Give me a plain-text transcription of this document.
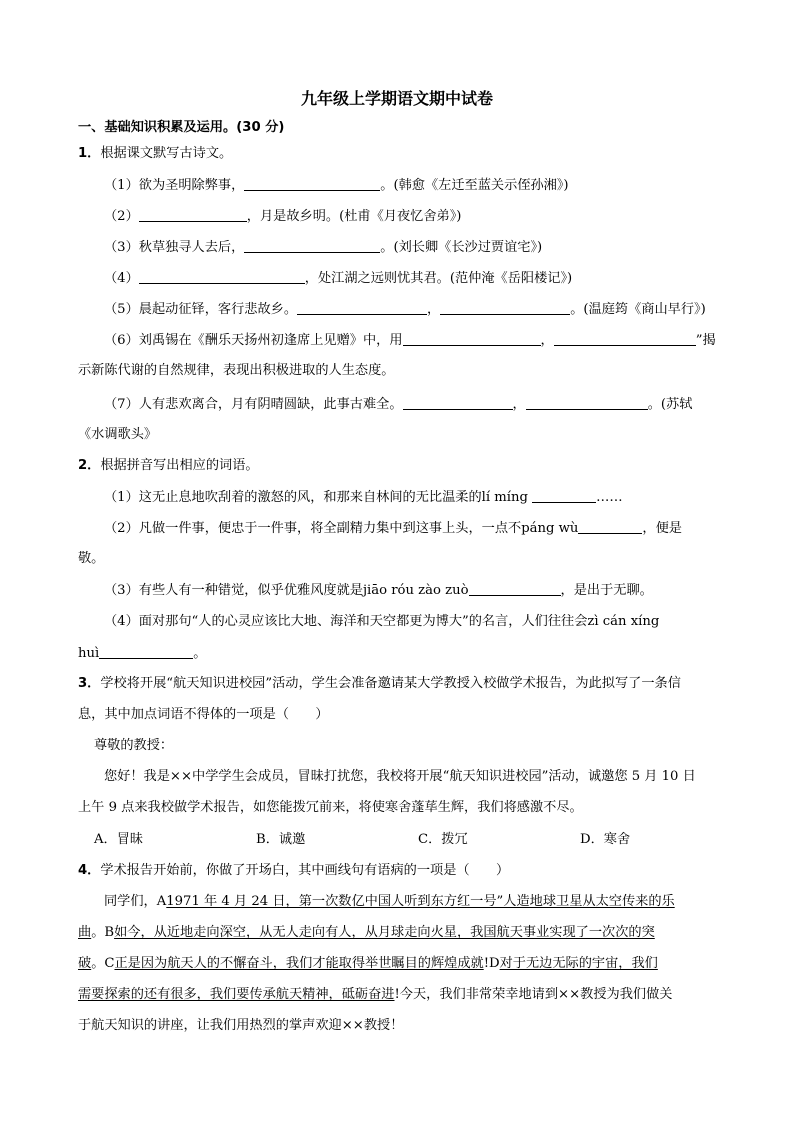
九年级上学期语文期中试卷
一、基础知识积累及运用。(30 分)
1．根据课文默写古诗文。
（1）欲为圣明除弊事，	。(韩愈《左迁至蓝关示侄孙湘》)
（2）	，月是故乡明。(杜甫《月夜忆舍弟》)
（3）秋草独寻人去后，	。(刘长卿《长沙过贾谊宅》)
（4）	，处江湖之远则忧其君。(范仲淹《岳阳楼记》)
（5）晨起动征铎，客行悲故乡。	，	。(温庭筠《商山早行》)
（6）刘禹锡在《酬乐天扬州初逢席上见赠》中，用	，	”揭
示新陈代谢的自然规律，表现出积极进取的人生态度。
（7）人有悲欢离合，月有阴晴圆缺，此事古难全。	，	。(苏轼
《水调歌头》
2．根据拼音写出相应的词语。
（1）这无止息地吹刮着的激怒的风，和那来自林间的无比温柔的lí míng	……
（2）凡做一件事，便忠于一件事，将全副精力集中到这事上头，一点不páng wù	，便是
敬。
（3）有些人有一种错觉，似乎优雅风度就是jiāo róu zào zuò	，是出于无聊。
（4）面对那句“人的心灵应该比大地、海洋和天空都更为博大”的名言，人们往往会zì cán xíng
huì	。
3．学校将开展“航天知识进校园”活动，学生会准备邀请某大学教授入校做学术报告，为此拟写了一条信
息，其中加点词语不得体的一项是（　　）
尊敬的教授：
您好！我是××中学学生会成员，冒昧打扰您，我校将开展“航天知识进校园”活动，诚邀您 5 月 10 日
上午 9 点来我校做学术报告，如您能拨冗前来，将使寒舍蓬荜生辉，我们将感激不尽。
A．冒昧	B．诚邀	C．拨冗	D．寒舍
4．学术报告开始前，你做了开场白，其中画线句有语病的一项是（　　）
同学们，A1971 年 4 月 24 日，第一次数亿中国人听到东方红一号”人造地球卫星从太空传来的乐
曲。B如今，从近地走向深空，从无人走向有人，从月球走向火星，我国航天事业实现了一次次的突
破。C正是因为航天人的不懈奋斗，我们才能取得举世瞩目的辉煌成就!D对于无边无际的宇宙，我们
需要探索的还有很多，我们要传承航天精神，砥砺奋进!今天，我们非常荣幸地请到××教授为我们做关
于航天知识的讲座，让我们用热烈的掌声欢迎××教授！
